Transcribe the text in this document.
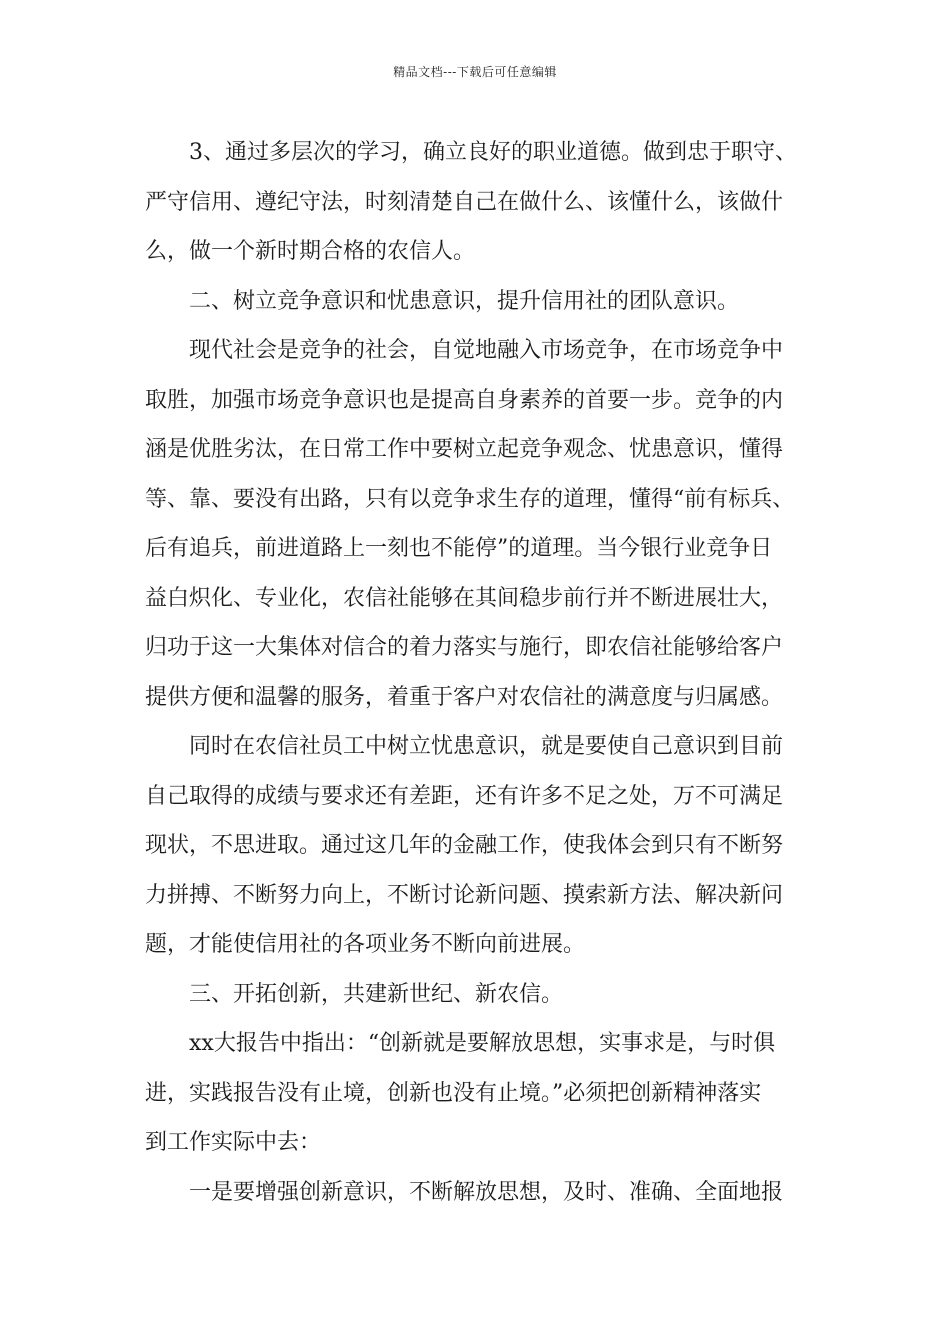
精品文档---下载后可任意编辑
3、通过多层次的学习，确立良好的职业道德。做到忠于职守、
严守信用、遵纪守法，时刻清楚自己在做什么、该懂什么，该做什
么，做一个新时期合格的农信人。
二、树立竞争意识和忧患意识，提升信用社的团队意识。
现代社会是竞争的社会，自觉地融入市场竞争，在市场竞争中
取胜，加强市场竞争意识也是提高自身素养的首要一步。竞争的内
涵是优胜劣汰，在日常工作中要树立起竞争观念、忧患意识，懂得
等、靠、要没有出路，只有以竞争求生存的道理，懂得“前有标兵、
后有追兵，前进道路上一刻也不能停”的道理。当今银行业竞争日
益白炽化、专业化，农信社能够在其间稳步前行并不断进展壮大，
归功于这一大集体对信合的着力落实与施行，即农信社能够给客户
提供方便和温馨的服务，着重于客户对农信社的满意度与归属感。
同时在农信社员工中树立忧患意识，就是要使自己意识到目前
自己取得的成绩与要求还有差距，还有许多不足之处，万不可满足
现状，不思进取。通过这几年的金融工作，使我体会到只有不断努
力拼搏、不断努力向上，不断讨论新问题、摸索新方法、解决新问
题，才能使信用社的各项业务不断向前进展。
三、开拓创新，共建新世纪、新农信。
xx大报告中指出：“创新就是要解放思想，实事求是，与时俱
进，实践报告没有止境，创新也没有止境。”必须把创新精神落实
到工作实际中去：
一是要增强创新意识，不断解放思想，及时、准确、全面地报
